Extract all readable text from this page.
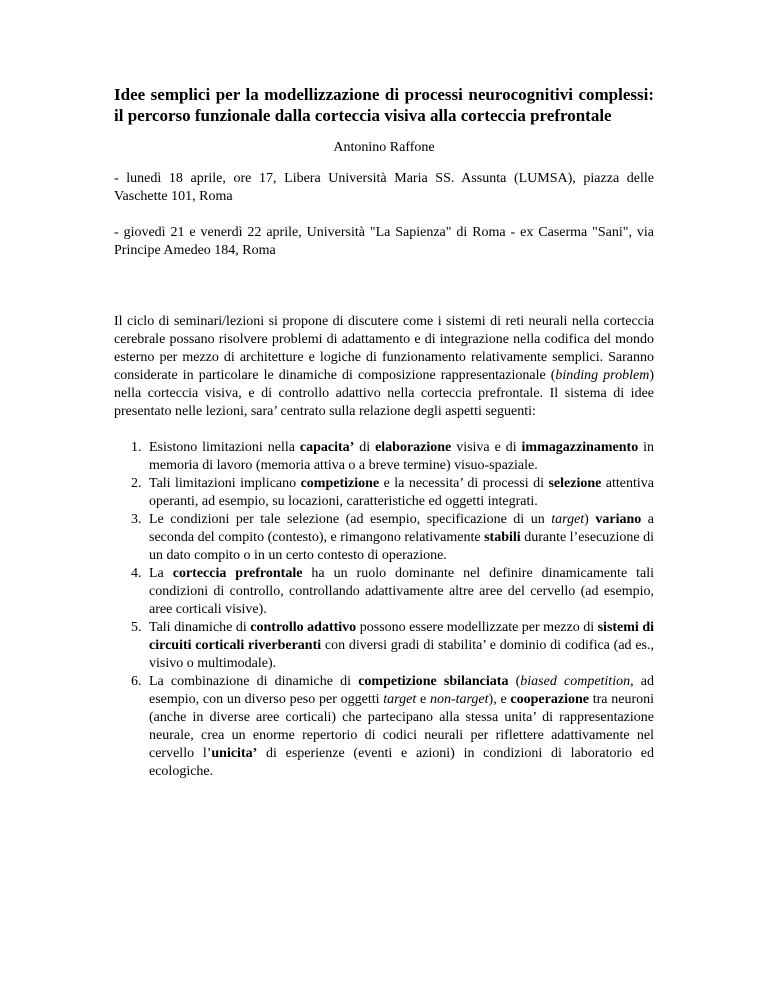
Idee semplici per la modellizzazione di processi neurocognitivi complessi: il percorso funzionale dalla corteccia visiva alla corteccia prefrontale

Antonino Raffone

- lunedì 18 aprile, ore 17, Libera Università Maria SS. Assunta (LUMSA), piazza delle Vaschette 101, Roma

- giovedì 21 e venerdì 22 aprile, Università "La Sapienza" di Roma - ex Caserma "Sani", via Principe Amedeo 184, Roma

Il ciclo di seminari/lezioni si propone di discutere come i sistemi di reti neurali nella corteccia cerebrale possano risolvere problemi di adattamento e di integrazione nella codifica del mondo esterno per mezzo di architetture e logiche di funzionamento relativamente semplici. Saranno considerate in particolare le dinamiche di composizione rappresentazionale (binding problem) nella corteccia visiva, e di controllo adattivo nella corteccia prefrontale. Il sistema di idee presentato nelle lezioni, sara’ centrato sulla relazione degli aspetti seguenti:

1. Esistono limitazioni nella capacita’ di elaborazione visiva e di immagazzinamento in memoria di lavoro (memoria attiva o a breve termine) visuo-spaziale.
2. Tali limitazioni implicano competizione e la necessita’ di processi di selezione attentiva operanti, ad esempio, su locazioni, caratteristiche ed oggetti integrati.
3. Le condizioni per tale selezione (ad esempio, specificazione di un target) variano a seconda del compito (contesto), e rimangono relativamente stabili durante l’esecuzione di un dato compito o in un certo contesto di operazione.
4. La corteccia prefrontale ha un ruolo dominante nel definire dinamicamente tali condizioni di controllo, controllando adattivamente altre aree del cervello (ad esempio, aree corticali visive).
5. Tali dinamiche di controllo adattivo possono essere modellizzate per mezzo di sistemi di circuiti corticali riverberanti con diversi gradi di stabilita’ e dominio di codifica (ad es., visivo o multimodale).
6. La combinazione di dinamiche di competizione sbilanciata (biased competition, ad esempio, con un diverso peso per oggetti target e non-target), e cooperazione tra neuroni (anche in diverse aree corticali) che partecipano alla stessa unita’ di rappresentazione neurale, crea un enorme repertorio di codici neurali per riflettere adattivamente nel cervello l’unicita’ di esperienze (eventi e azioni) in condizioni di laboratorio ed ecologiche.
